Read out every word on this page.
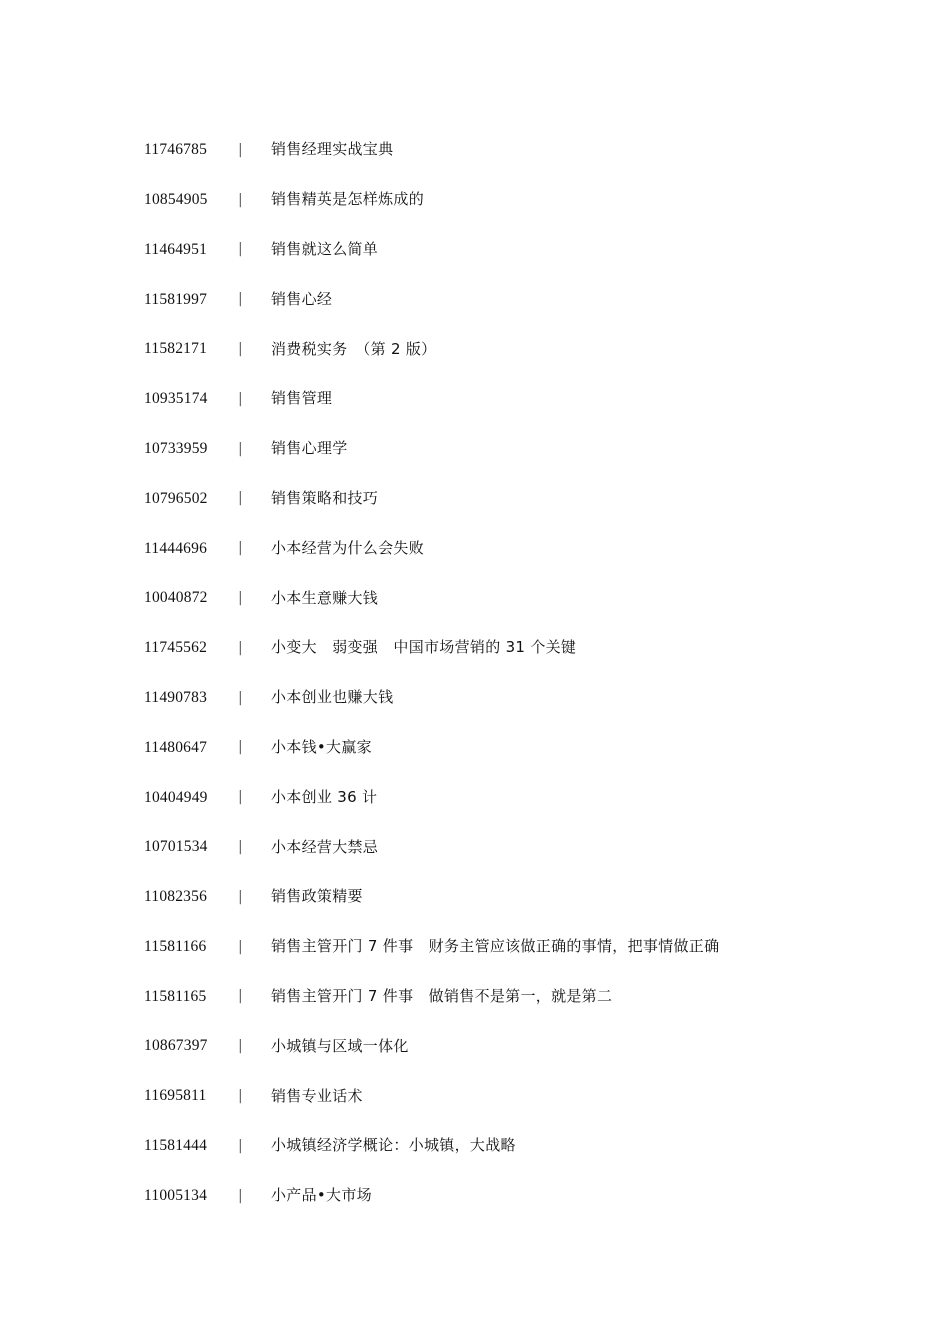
11746785	|	销售经理实战宝典
10854905	|	销售精英是怎样炼成的
11464951	|	销售就这么简单
11581997	|	销售心经
11582171	|	消费税实务　（第 2 版）
10935174	|	销售管理
10733959	|	销售心理学
10796502	|	销售策略和技巧
11444696	|	小本经营为什么会失败
10040872	|	小本生意赚大钱
11745562	|	小变大　弱变强　中国市场营销的 31 个关键
11490783	|	小本创业也赚大钱
11480647	|	小本钱•大赢家
10404949	|	小本创业 36 计
10701534	|	小本经营大禁忌
11082356	|	销售政策精要
11581166	|	销售主管开门 7 件事　财务主管应该做正确的事情，把事情做正确
11581165	|	销售主管开门 7 件事　做销售不是第一，就是第二
10867397	|	小城镇与区域一体化
11695811	|	销售专业话术
11581444	|	小城镇经济学概论：小城镇，大战略
11005134	|	小产品•大市场
